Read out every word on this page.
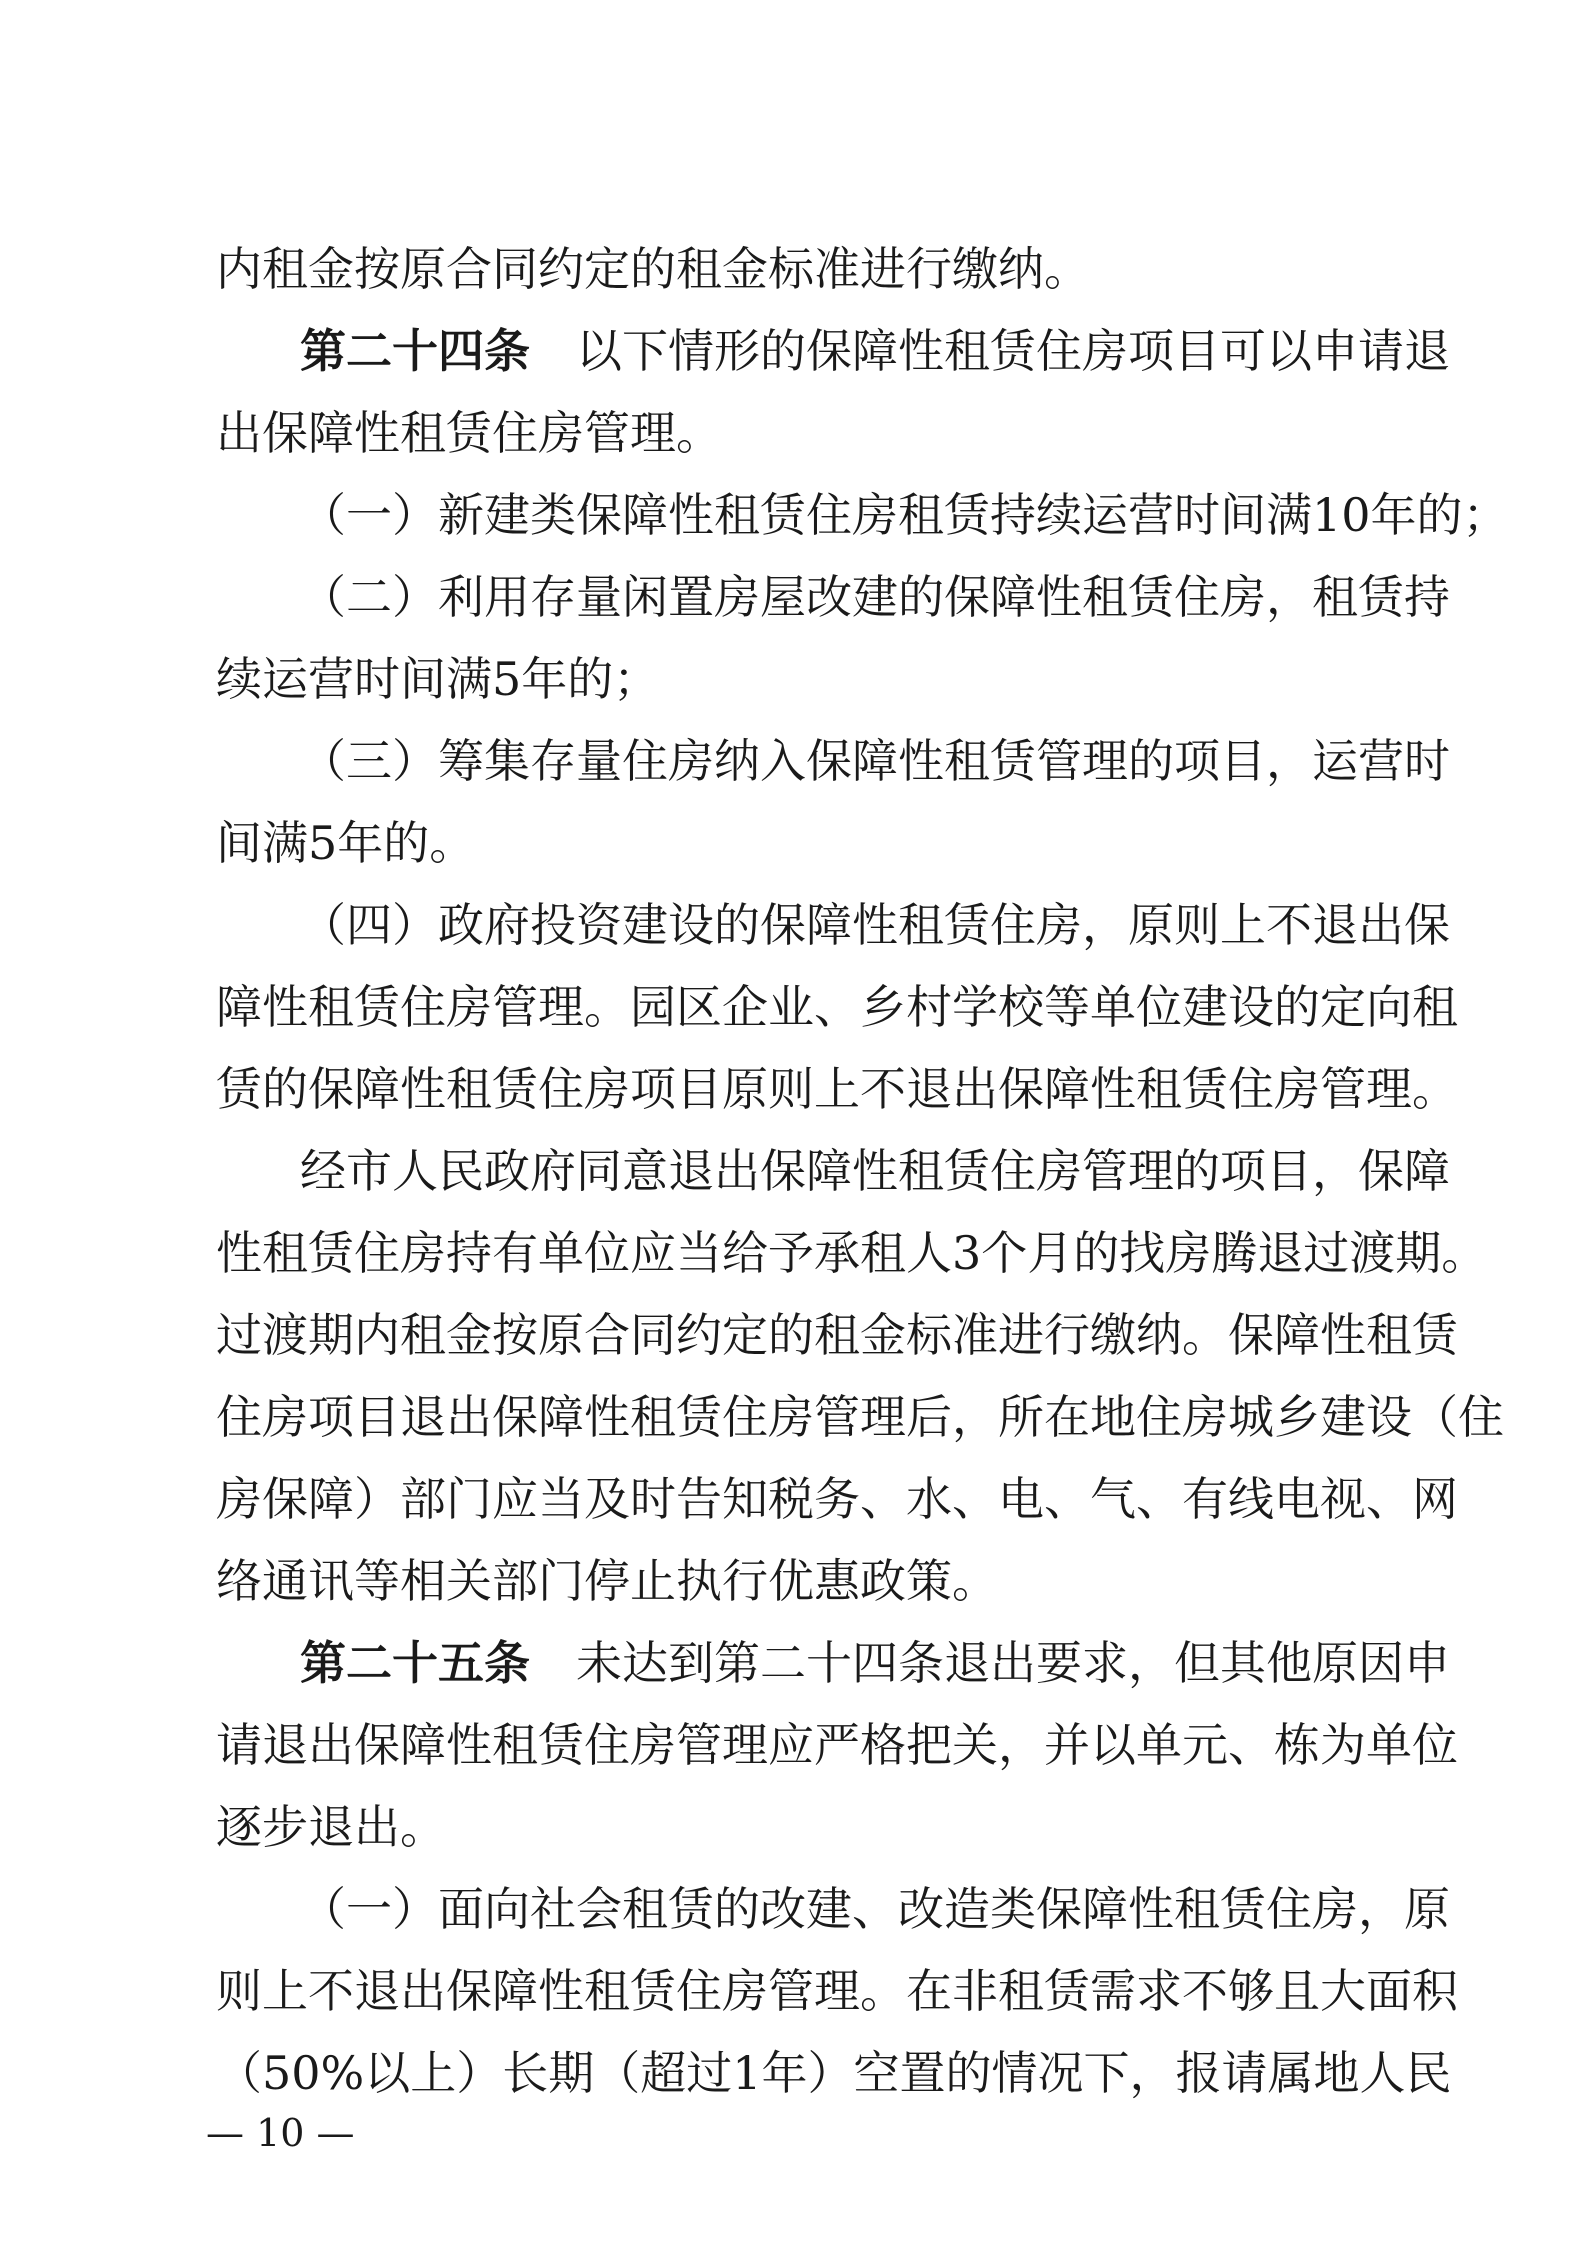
内租金按原合同约定的租金标准进行缴纳。
第二十四条　 以下情形的保障性租赁住房项目可以申请退
出保障性租赁住房管理。
（一）新建类保障性租赁住房租赁持续运营时间满10年的；
（二）利用存量闲置房屋改建的保障性租赁住房，租赁持
续运营时间满5年的；
（三）筹集存量住房纳入保障性租赁管理的项目，运营时
间满5年的。
（四）政府投资建设的保障性租赁住房，原则上不退出保
障性租赁住房管理。园区企业、乡村学校等单位建设的定向租
赁的保障性租赁住房项目原则上不退出保障性租赁住房管理。
经市人民政府同意退出保障性租赁住房管理的项目，保障
性租赁住房持有单位应当给予承租人3个月的找房腾退过渡期。
过渡期内租金按原合同约定的租金标准进行缴纳。保障性租赁
住房项目退出保障性租赁住房管理后，所在地住房城乡建设（住
房保障）部门应当及时告知税务、水、电、气、有线电视、网
络通讯等相关部门停止执行优惠政策。
第二十五条　 未达到第二十四条退出要求，但其他原因申
请退出保障性租赁住房管理应严格把关，并以单元、栋为单位
逐步退出。
（一）面向社会租赁的改建、改造类保障性租赁住房，原
则上不退出保障性租赁住房管理。在非租赁需求不够且大面积
（50%以上）长期（超过1年）空置的情况下，报请属地人民
— 10 —
